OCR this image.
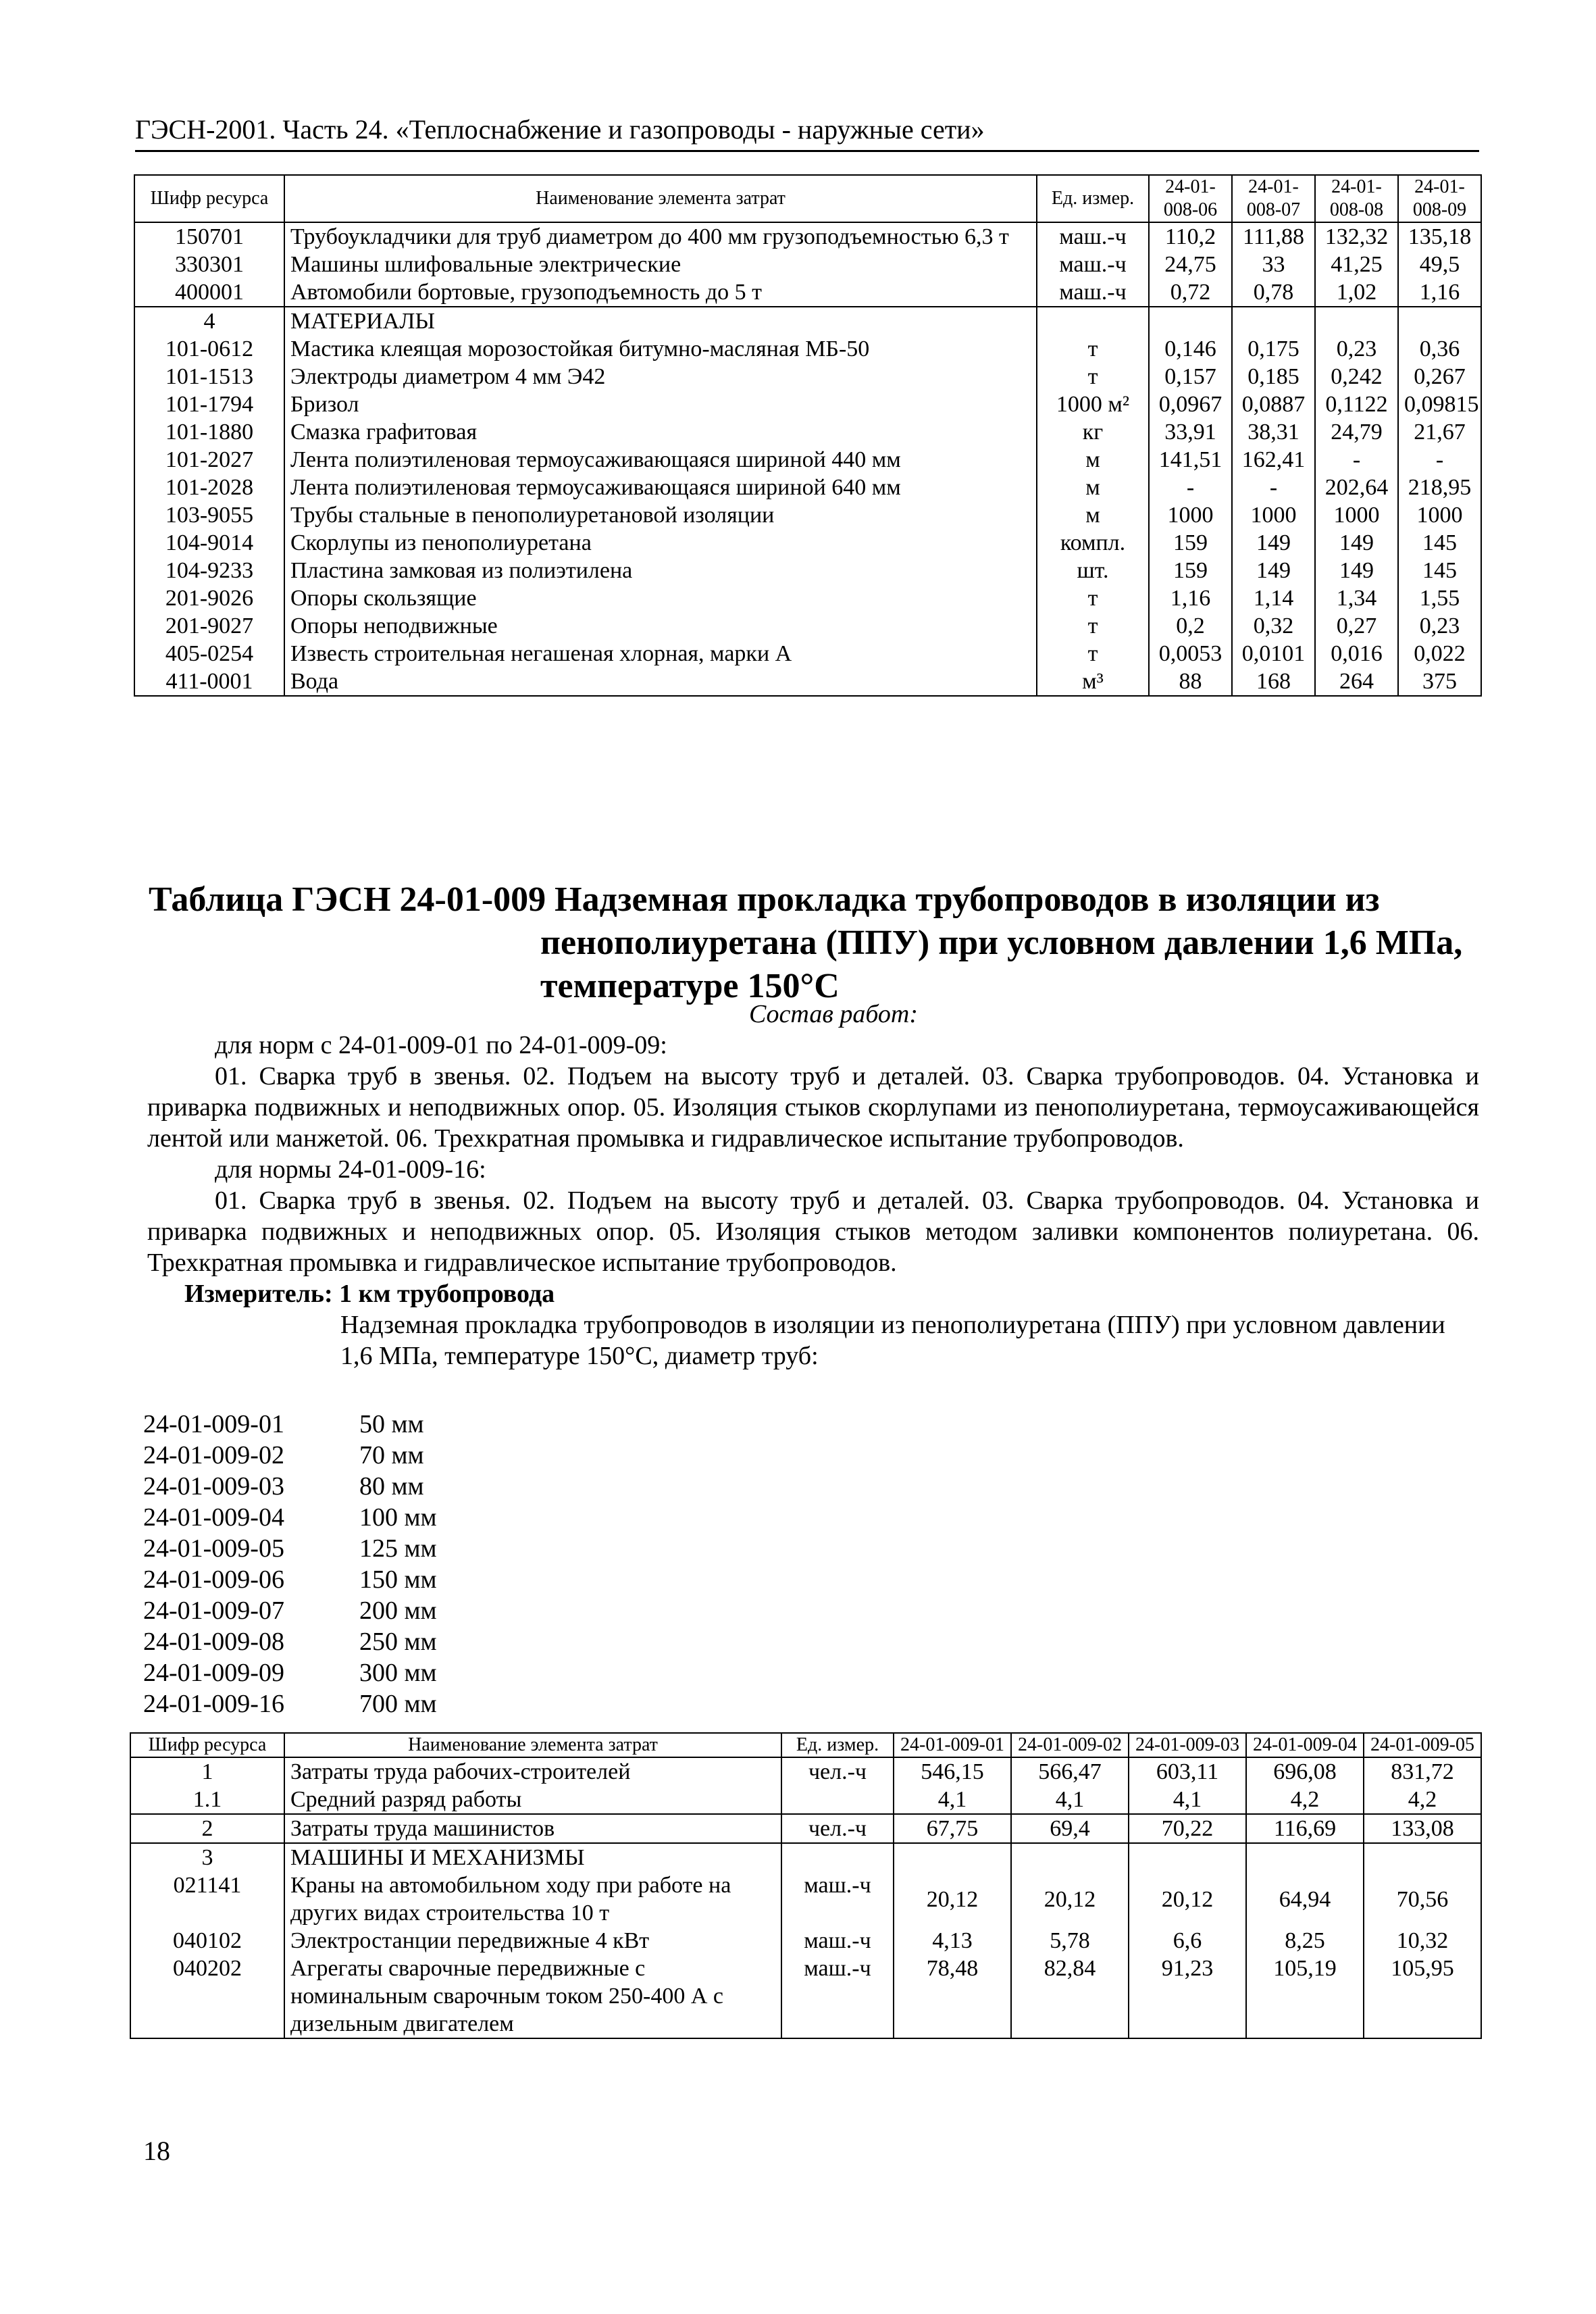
ГЭСН-2001. Часть 24. «Теплоснабжение и газопроводы - наружные сети»
Шифр ресурса	Наименование элемента затрат	Ед. измер.	24-01-008-06	24-01-008-07	24-01-008-08	24-01-008-09
150701	Трубоукладчики для труб диаметром до 400 мм грузоподъемностью 6,3 т	маш.-ч	110,2	111,88	132,32	135,18
330301	Машины шлифовальные электрические	маш.-ч	24,75	33	41,25	49,5
400001	Автомобили бортовые, грузоподъемность до 5 т	маш.-ч	0,72	0,78	1,02	1,16
4	МАТЕРИАЛЫ					
101-0612	Мастика клеящая морозостойкая битумно-масляная МБ-50	т	0,146	0,175	0,23	0,36
101-1513	Электроды диаметром 4 мм Э42	т	0,157	0,185	0,242	0,267
101-1794	Бризол	1000 м²	0,0967	0,0887	0,1122	0,09815
101-1880	Смазка графитовая	кг	33,91	38,31	24,79	21,67
101-2027	Лента полиэтиленовая термоусаживающаяся шириной 440 мм	м	141,51	162,41	-	-
101-2028	Лента полиэтиленовая термоусаживающаяся шириной 640 мм	м	-	-	202,64	218,95
103-9055	Трубы стальные в пенополиуретановой изоляции	м	1000	1000	1000	1000
104-9014	Скорлупы из пенополиуретана	компл.	159	149	149	145
104-9233	Пластина замковая из полиэтилена	шт.	159	149	149	145
201-9026	Опоры скользящие	т	1,16	1,14	1,34	1,55
201-9027	Опоры неподвижные	т	0,2	0,32	0,27	0,23
405-0254	Известь строительная негашеная хлорная, марки А	т	0,0053	0,0101	0,016	0,022
411-0001	Вода	м³	88	168	264	375
Таблица ГЭСН 24-01-009 Надземная прокладка трубопроводов в изоляции из
пенополиуретана (ППУ) при условном давлении 1,6 МПа,
температуре 150°С

Состав работ:

для норм с 24-01-009-01 по 24-01-009-09:

01. Сварка труб в звенья. 02. Подъем на высоту труб и деталей. 03. Сварка трубопроводов. 04. Установка и приварка подвижных и неподвижных опор. 05. Изоляция стыков скорлупами из пенополиуретана, термоусаживающейся лентой или манжетой. 06. Трехкратная промывка и гидравлическое испытание трубопроводов.

для нормы 24-01-009-16:

01. Сварка труб в звенья. 02. Подъем на высоту труб и деталей. 03. Сварка трубопроводов. 04. Установка и приварка подвижных и неподвижных опор. 05. Изоляция стыков методом заливки компонентов полиуретана. 06. Трехкратная промывка и гидравлическое испытание трубопроводов.

Измеритель: 1 км трубопровода

Надземная прокладка трубопроводов в изоляции из пенополиуретана (ППУ) при условном давлении 1,6 МПа, температуре 150°С, диаметр труб:

24-01-009-01	50 мм
24-01-009-02	70 мм
24-01-009-03	80 мм
24-01-009-04	100 мм
24-01-009-05	125 мм
24-01-009-06	150 мм
24-01-009-07	200 мм
24-01-009-08	250 мм
24-01-009-09	300 мм
24-01-009-16	700 мм
Шифр ресурса	Наименование элемента затрат	Ед. измер.	24-01-009-01	24-01-009-02	24-01-009-03	24-01-009-04	24-01-009-05
1	Затраты труда рабочих-строителей	чел.-ч	546,15	566,47	603,11	696,08	831,72
1.1	Средний разряд работы		4,1	4,1	4,1	4,2	4,2
2	Затраты труда машинистов	чел.-ч	67,75	69,4	70,22	116,69	133,08
3	МАШИНЫ И МЕХАНИЗМЫ						
021141	Краны на автомобильном ходу при работе на других видах строительства 10 т	маш.-ч	20,12	20,12	20,12	64,94	70,56
040102	Электростанции передвижные 4 кВт	маш.-ч	4,13	5,78	6,6	8,25	10,32
040202	Агрегаты сварочные передвижные с номинальным сварочным током 250-400 А с дизельным двигателем	маш.-ч	78,48	82,84	91,23	105,19	105,95
18
